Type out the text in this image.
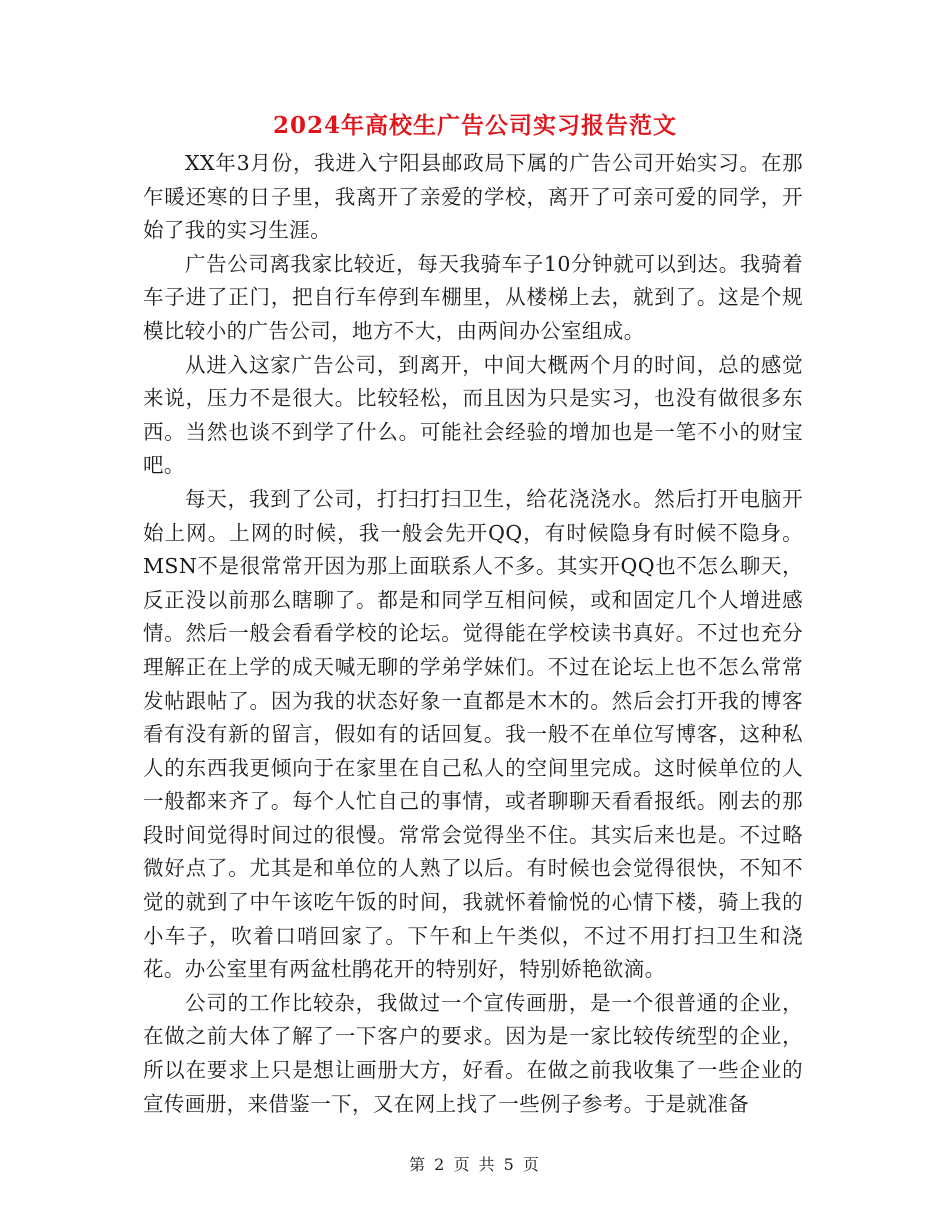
2024年高校生广告公司实习报告范文

XX年3月份，我进入宁阳县邮政局下属的广告公司开始实习。在那乍暖还寒的日子里，我离开了亲爱的学校，离开了可亲可爱的同学，开始了我的实习生涯。

广告公司离我家比较近，每天我骑车子10分钟就可以到达。我骑着车子进了正门，把自行车停到车棚里，从楼梯上去，就到了。这是个规模比较小的广告公司，地方不大，由两间办公室组成。

从进入这家广告公司，到离开，中间大概两个月的时间，总的感觉来说，压力不是很大。比较轻松，而且因为只是实习，也没有做很多东西。当然也谈不到学了什么。可能社会经验的增加也是一笔不小的财宝吧。

每天，我到了公司，打扫打扫卫生，给花浇浇水。然后打开电脑开始上网。上网的时候，我一般会先开QQ，有时候隐身有时候不隐身。MSN不是很常常开因为那上面联系人不多。其实开QQ也不怎么聊天，反正没以前那么瞎聊了。都是和同学互相问候，或和固定几个人增进感情。然后一般会看看学校的论坛。觉得能在学校读书真好。不过也充分理解正在上学的成天喊无聊的学弟学妹们。不过在论坛上也不怎么常常发帖跟帖了。因为我的状态好象一直都是木木的。然后会打开我的博客看有没有新的留言，假如有的话回复。我一般不在单位写博客，这种私人的东西我更倾向于在家里在自己私人的空间里完成。这时候单位的人一般都来齐了。每个人忙自己的事情，或者聊聊天看看报纸。刚去的那段时间觉得时间过的很慢。常常会觉得坐不住。其实后来也是。不过略微好点了。尤其是和单位的人熟了以后。有时候也会觉得很快，不知不觉的就到了中午该吃午饭的时间，我就怀着愉悦的心情下楼，骑上我的小车子，吹着口哨回家了。下午和上午类似，不过不用打扫卫生和浇花。办公室里有两盆杜鹃花开的特别好，特别娇艳欲滴。

公司的工作比较杂，我做过一个宣传画册，是一个很普通的企业，在做之前大体了解了一下客户的要求。因为是一家比较传统型的企业，所以在要求上只是想让画册大方，好看。在做之前我收集了一些企业的宣传画册，来借鉴一下，又在网上找了一些例子参考。于是就准备

第 2 页 共 5 页
